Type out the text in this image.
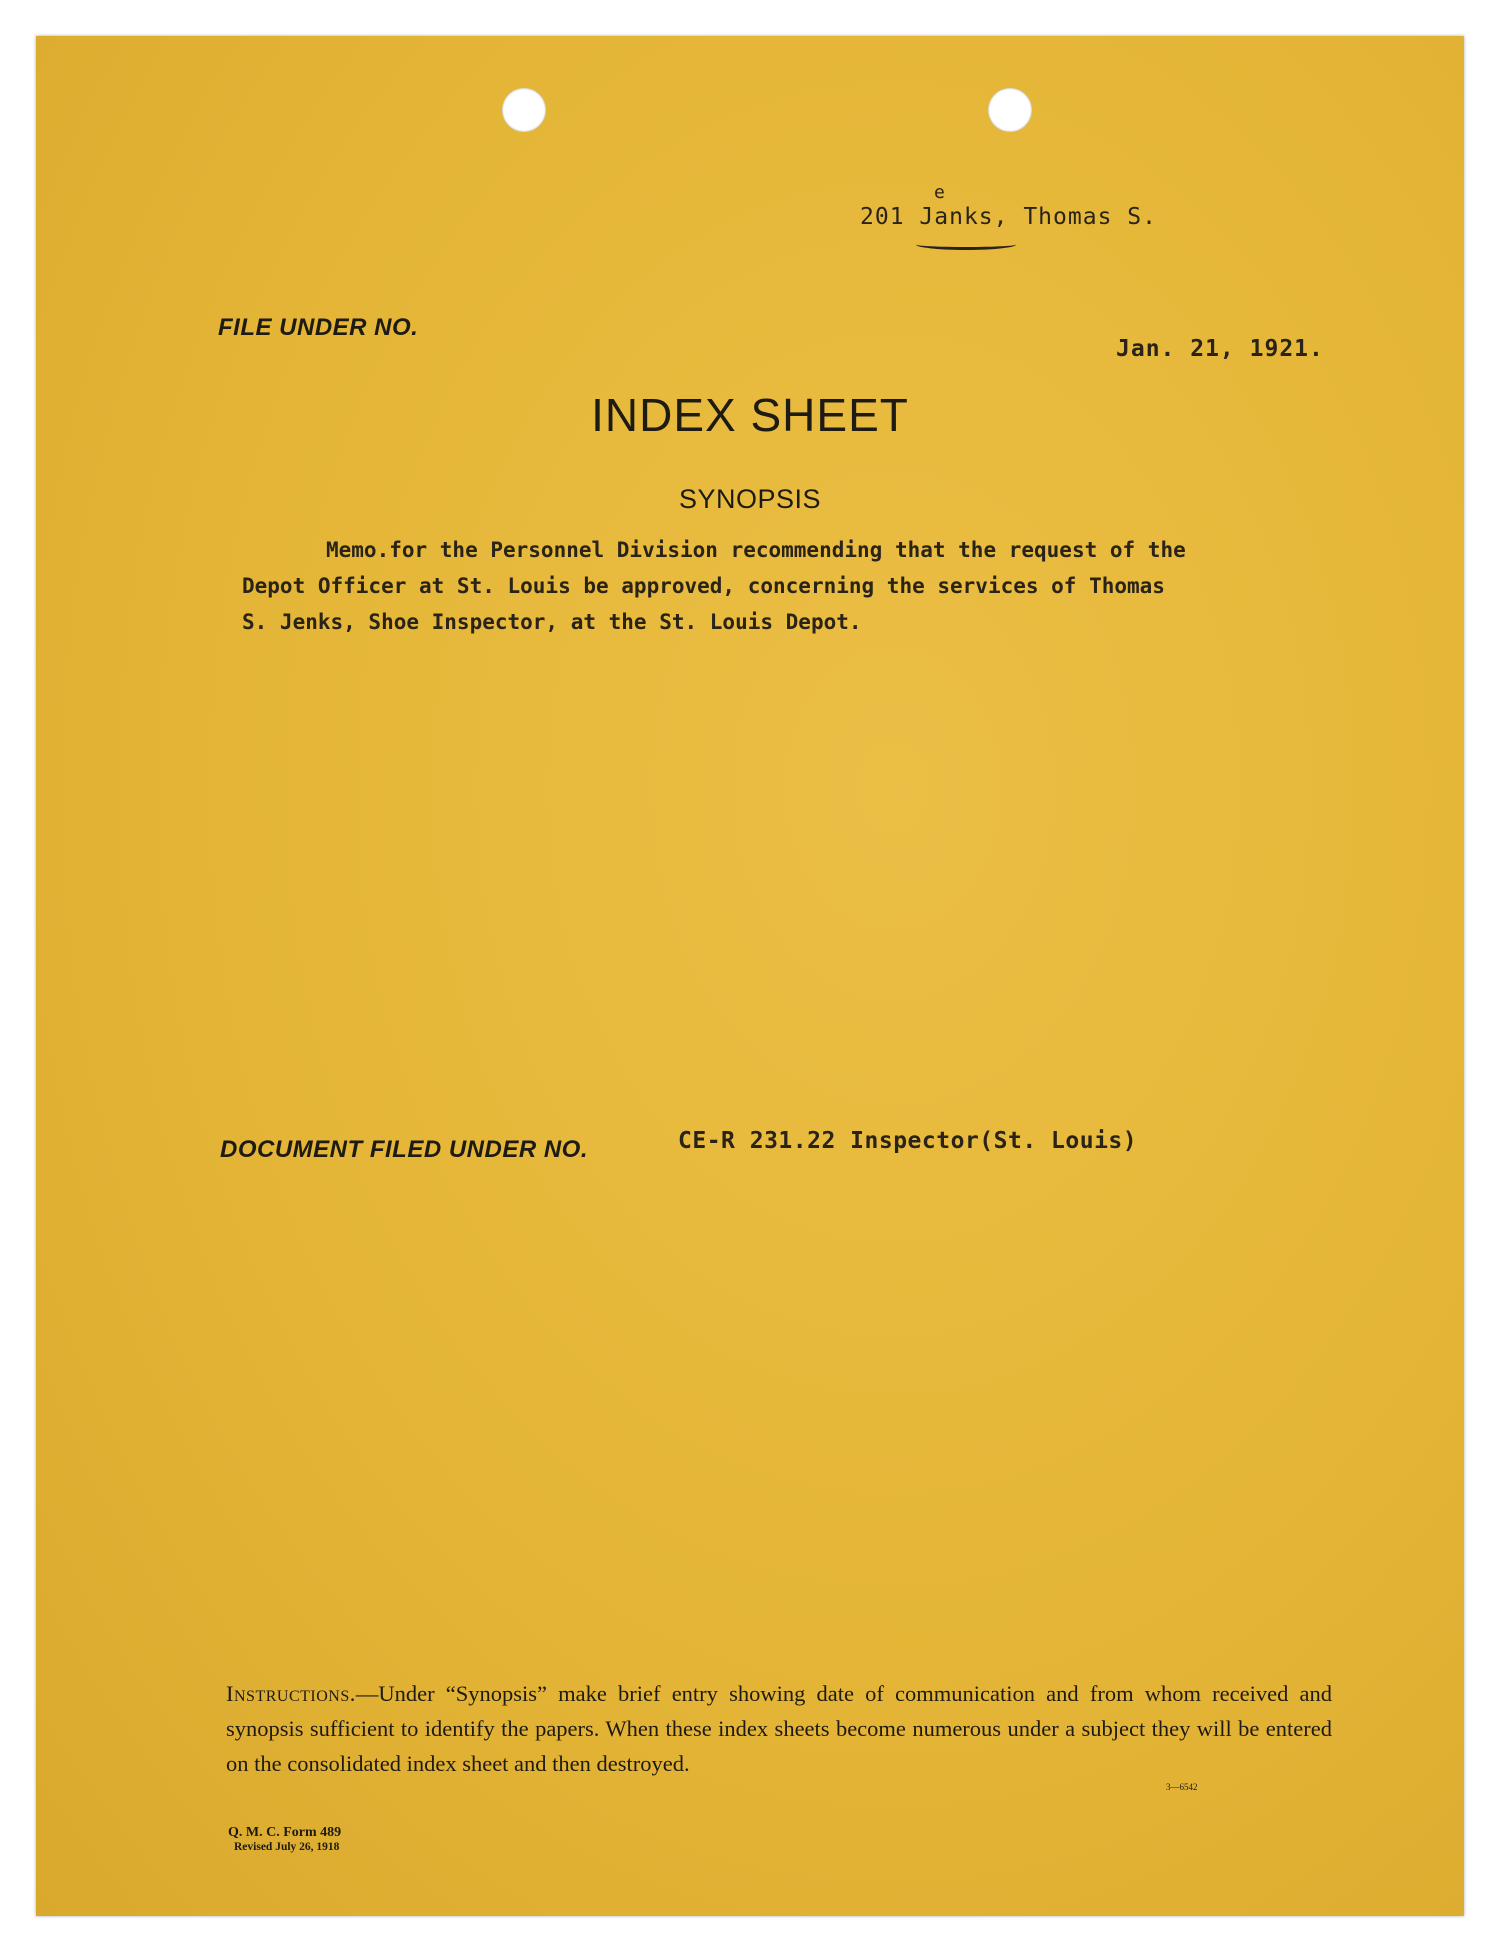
e
201 Janks, Thomas S.
FILE UNDER NO.
Jan. 21, 1921.
INDEX SHEET
SYNOPSIS
Memo.for the Personnel Division recommending that the request of the
Depot Officer at St. Louis be approved, concerning the services of Thomas
S. Jenks, Shoe Inspector, at the St. Louis Depot.
DOCUMENT FILED UNDER NO.	CE-R 231.22 Inspector(St. Louis)
Instructions.—Under “Synopsis” make brief entry showing date of communication and from whom received and synopsis sufficient to identify the papers. When these index sheets become numerous under a subject they will be entered on the consolidated index sheet and then destroyed.
3—6542
Q. M. C. Form 489
Revised July 26, 1918
